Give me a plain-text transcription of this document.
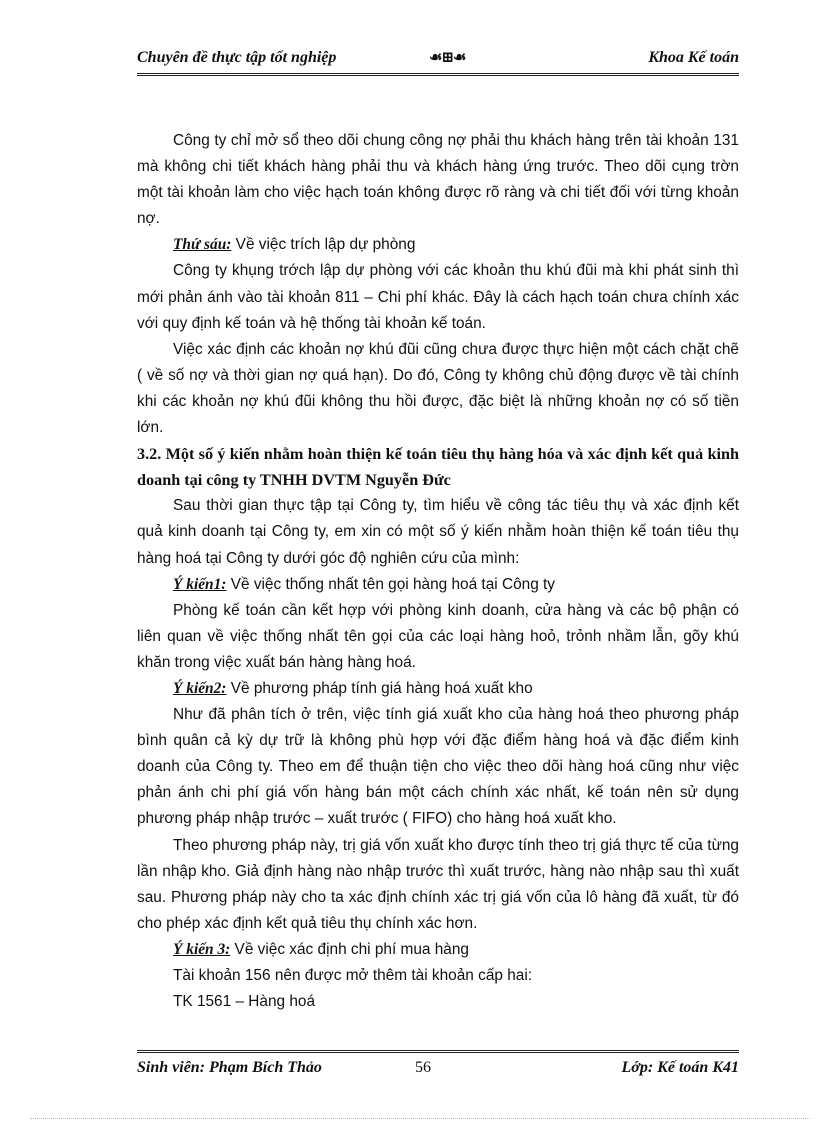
Chuyên đề thực tập tốt nghiệp	☙⊞☙	Khoa Kế toán

Công ty chỉ mở sổ theo dõi chung công nợ phải thu khách hàng trên tài khoản 131 mà không chi tiết khách hàng phải thu và khách hàng ứng trước. Theo dõi cụng trờn một tài khoản làm cho việc hạch toán không được rõ ràng và chi tiết đối với từng khoản nợ.

Thứ sáu: Về việc trích lập dự phòng

Công ty khụng trớch lập dự phòng với các khoản thu khú đũi mà khi phát sinh thì mới phản ánh vào tài khoản 811 – Chi phí khác. Đây là cách hạch toán chưa chính xác với quy định kế toán và hệ thống tài khoản kế toán.

Việc xác định các khoản nợ khú đũi cũng chưa được thực hiện một cách chặt chẽ ( về số nợ và thời gian nợ quá hạn). Do đó, Công ty không chủ động được về tài chính khi các khoản nợ khú đũi không thu hồi được, đặc biệt là những khoản nợ có số tiền lớn.

3.2. Một số ý kiến nhằm hoàn thiện kế toán tiêu thụ hàng hóa và xác định kết quả kinh doanh tại công ty TNHH DVTM Nguyễn Đức

Sau thời gian thực tập tại Công ty, tìm hiểu về công tác tiêu thụ và xác định kết quả kinh doanh tại Công ty, em xin có một số ý kiến nhằm hoàn thiện kế toán tiêu thụ hàng hoá tại Công ty dưới góc độ nghiên cứu của mình:

Ý kiến1: Về việc thống nhất tên gọi hàng hoá tại Công ty

Phòng kế toán cần kết hợp với phòng kinh doanh, cửa hàng và các bộ phận có liên quan về việc thống nhất tên gọi của các loại hàng hoỏ, trỏnh nhầm lẫn, gõy khú khăn trong việc xuất bán hàng hàng hoá.

Ý kiến2: Về phương pháp tính giá hàng hoá xuất kho

Như đã phân tích ở trên, việc tính giá xuất kho của hàng hoá theo phương pháp bình quân cả kỳ dự trữ là không phù hợp với đặc điểm hàng hoá và đặc điểm kinh doanh của Công ty. Theo em để thuận tiện cho việc theo dõi hàng hoá cũng như việc phản ánh chi phí giá vốn hàng bán một cách chính xác nhất, kế toán nên sử dụng phương pháp nhập trước – xuất trước ( FIFO) cho hàng hoá xuất kho.

Theo phương pháp này, trị giá vốn xuất kho được tính theo trị giá thực tế của từng lần nhập kho. Giả định hàng nào nhập trước thì xuất trước, hàng nào nhập sau thì xuất sau. Phương pháp này cho ta xác định chính xác trị giá vốn của lô hàng đã xuất, từ đó cho phép xác định kết quả tiêu thụ chính xác hơn.

Ý kiến 3: Về việc xác định chi phí mua hàng

Tài khoản 156 nên được mở thêm tài khoản cấp hai:

TK 1561 – Hàng hoá

Sinh viên: Phạm Bích Thảo	56	Lớp: Kế toán K41
